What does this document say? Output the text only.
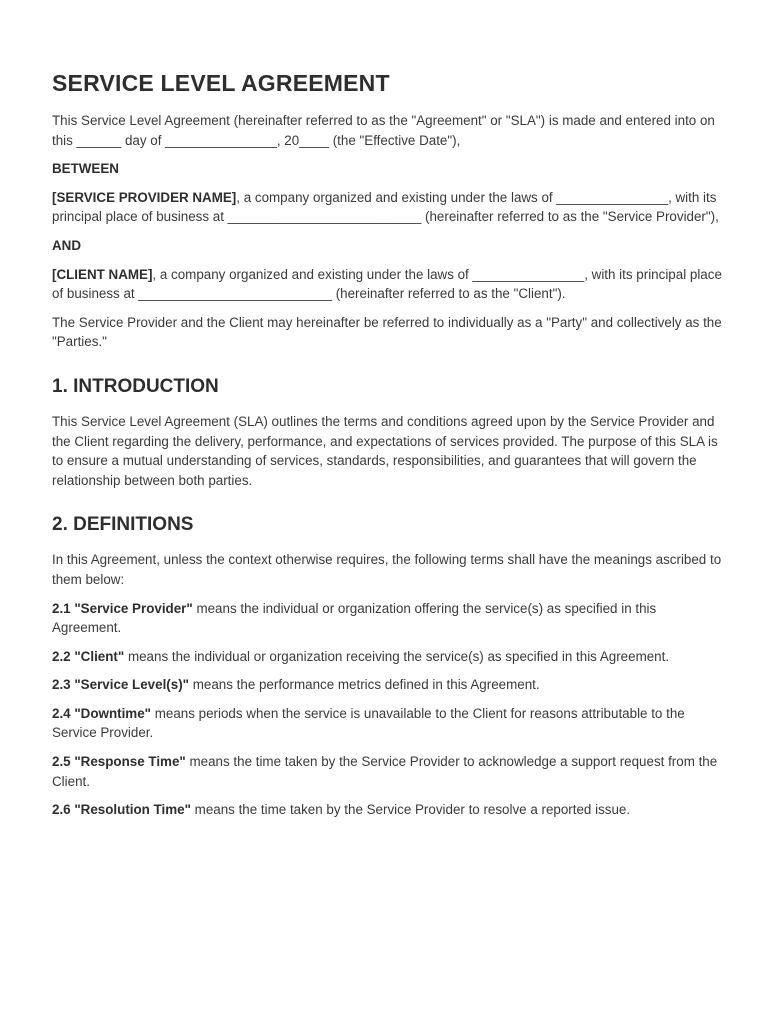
SERVICE LEVEL AGREEMENT

This Service Level Agreement (hereinafter referred to as the "Agreement" or "SLA") is made and entered into on this ______ day of _______________, 20____ (the "Effective Date"),

BETWEEN

[SERVICE PROVIDER NAME], a company organized and existing under the laws of _______________, with its principal place of business at __________________________ (hereinafter referred to as the "Service Provider"),

AND

[CLIENT NAME], a company organized and existing under the laws of _______________, with its principal place of business at __________________________ (hereinafter referred to as the "Client").

The Service Provider and the Client may hereinafter be referred to individually as a "Party" and collectively as the "Parties."

1. INTRODUCTION

This Service Level Agreement (SLA) outlines the terms and conditions agreed upon by the Service Provider and the Client regarding the delivery, performance, and expectations of services provided. The purpose of this SLA is to ensure a mutual understanding of services, standards, responsibilities, and guarantees that will govern the relationship between both parties.

2. DEFINITIONS

In this Agreement, unless the context otherwise requires, the following terms shall have the meanings ascribed to them below:

2.1 "Service Provider" means the individual or organization offering the service(s) as specified in this Agreement.

2.2 "Client" means the individual or organization receiving the service(s) as specified in this Agreement.

2.3 "Service Level(s)" means the performance metrics defined in this Agreement.

2.4 "Downtime" means periods when the service is unavailable to the Client for reasons attributable to the Service Provider.

2.5 "Response Time" means the time taken by the Service Provider to acknowledge a support request from the Client.

2.6 "Resolution Time" means the time taken by the Service Provider to resolve a reported issue.
